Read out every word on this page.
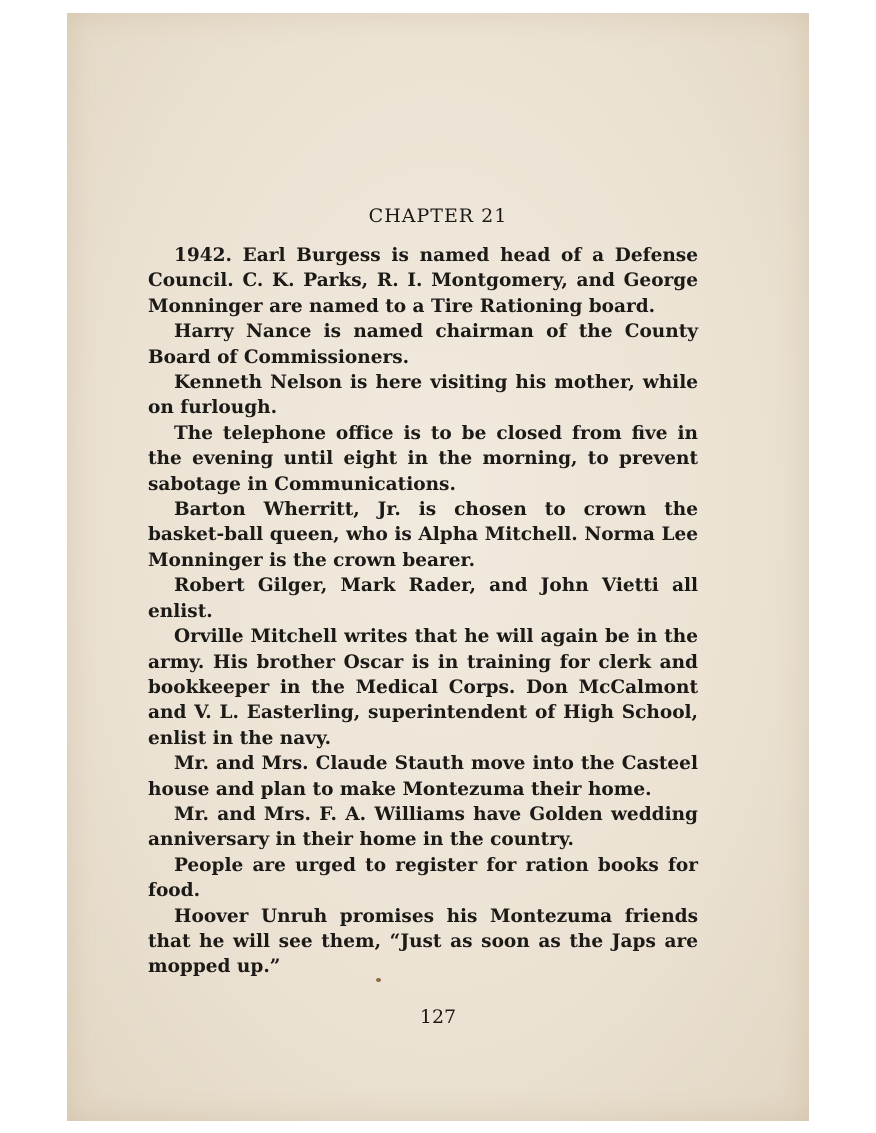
CHAPTER 21

1942. Earl Burgess is named head of a Defense Council. C. K. Parks, R. I. Montgomery, and George Monninger are named to a Tire Rationing board.

Harry Nance is named chairman of the County Board of Commissioners.

Kenneth Nelson is here visiting his mother, while on furlough.

The telephone office is to be closed from five in the evening until eight in the morning, to prevent sabotage in Communications.

Barton Wherritt, Jr. is chosen to crown the basket-ball queen, who is Alpha Mitchell. Norma Lee Monninger is the crown bearer.

Robert Gilger, Mark Rader, and John Vietti all enlist.

Orville Mitchell writes that he will again be in the army. His brother Oscar is in training for clerk and bookkeeper in the Medical Corps. Don McCalmont and V. L. Easterling, superintendent of High School, enlist in the navy.

Mr. and Mrs. Claude Stauth move into the Casteel house and plan to make Montezuma their home.

Mr. and Mrs. F. A. Williams have Golden wedding anniversary in their home in the country.

People are urged to register for ration books for food.

Hoover Unruh promises his Montezuma friends that he will see them, “Just as soon as the Japs are mopped up.”

127
